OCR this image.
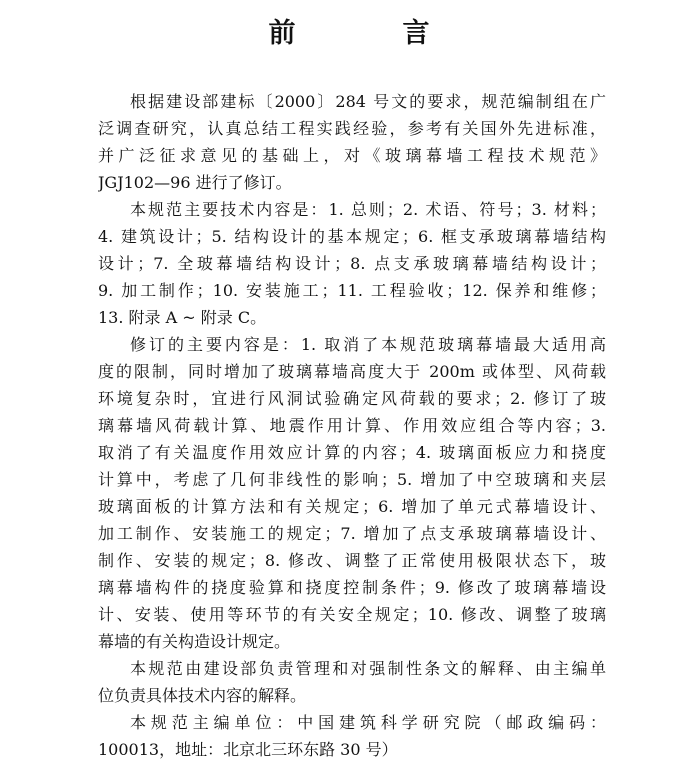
前　言
根据建设部建标〔2000〕284 号文的要求，规范编制组在广
泛调查研究，认真总结工程实践经验，参考有关国外先进标准，
并广泛征求意见的基础上，对《玻璃幕墙工程技术规范》
JGJ102—96 进行了修订。
本规范主要技术内容是：1. 总则；2. 术语、符号；3. 材料；
4. 建筑设计；5. 结构设计的基本规定；6. 框支承玻璃幕墙结构
设计；7. 全玻幕墙结构设计；8. 点支承玻璃幕墙结构设计；
9. 加工制作；10. 安装施工；11. 工程验收；12. 保养和维修；
13. 附录 A ~ 附录 C。
修订的主要内容是：1. 取消了本规范玻璃幕墙最大适用高
度的限制，同时增加了玻璃幕墙高度大于 200m 或体型、风荷载
环境复杂时，宜进行风洞试验确定风荷载的要求；2. 修订了玻
璃幕墙风荷载计算、地震作用计算、作用效应组合等内容；3.
取消了有关温度作用效应计算的内容；4. 玻璃面板应力和挠度
计算中，考虑了几何非线性的影响；5. 增加了中空玻璃和夹层
玻璃面板的计算方法和有关规定；6. 增加了单元式幕墙设计、
加工制作、安装施工的规定；7. 增加了点支承玻璃幕墙设计、
制作、安装的规定；8. 修改、调整了正常使用极限状态下，玻
璃幕墙构件的挠度验算和挠度控制条件；9. 修改了玻璃幕墙设
计、安装、使用等环节的有关安全规定；10. 修改、调整了玻璃
幕墙的有关构造设计规定。
本规范由建设部负责管理和对强制性条文的解释、由主编单
位负责具体技术内容的解释。
本规范主编单位：中国建筑科学研究院（邮政编码：
100013，地址：北京北三环东路 30 号）
